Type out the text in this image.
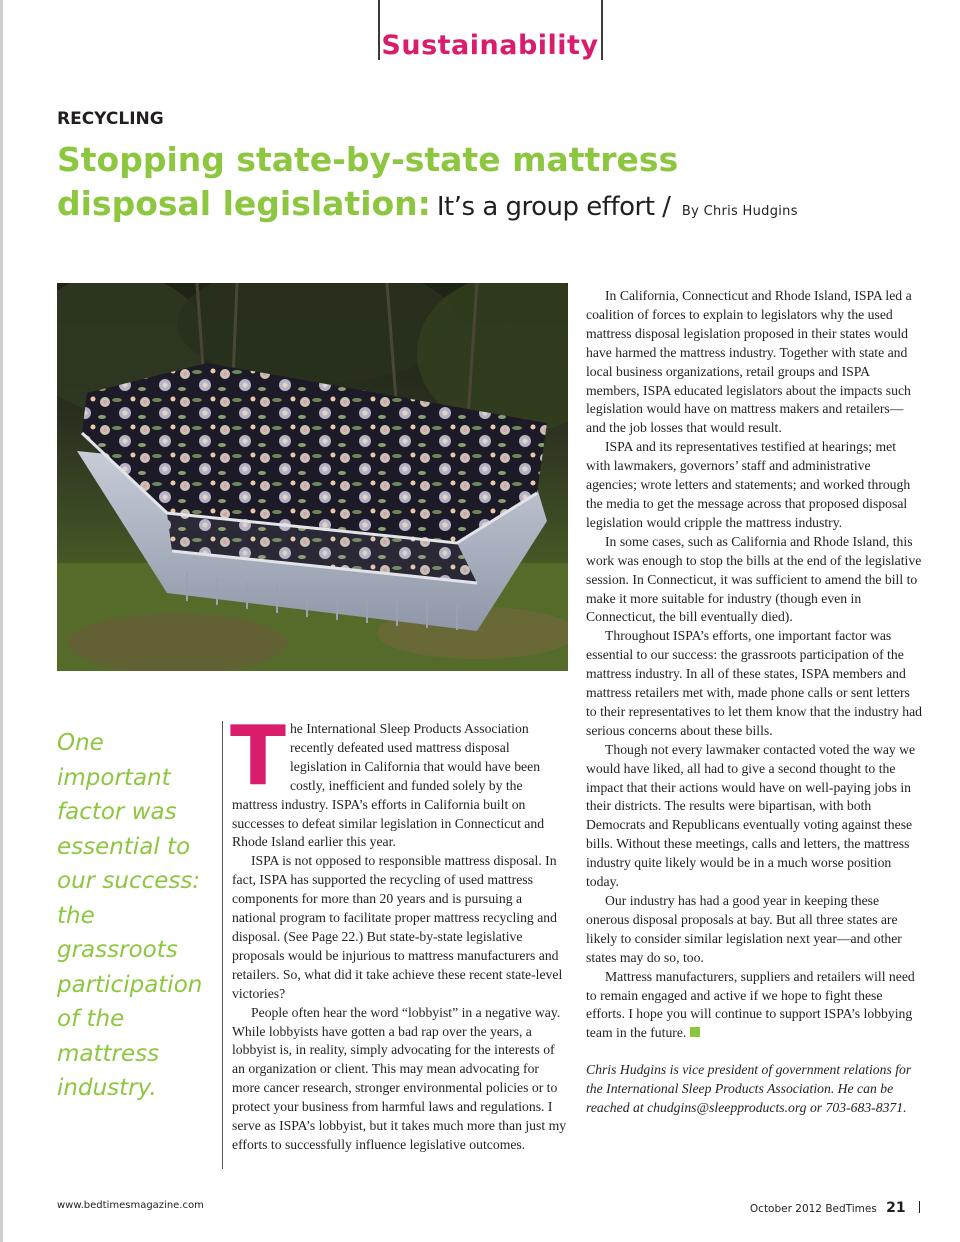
Sustainability
RECYCLING
Stopping state-by-state mattress
disposal legislation: It’s a group effort / By Chris Hudgins

One important factor was essential to our success: the grassroots participation of the mattress industry.

The International Sleep Products Association recently defeated used mattress disposal legislation in California that would have been costly, inefficient and funded solely by the mattress industry. ISPA’s efforts in California built on successes to defeat similar legislation in Connecticut and Rhode Island earlier this year.

ISPA is not opposed to responsible mattress disposal. In fact, ISPA has supported the recycling of used mattress components for more than 20 years and is pursuing a national program to facilitate proper mattress recycling and disposal. (See Page 22.) But state-by-state legislative proposals would be injurious to mattress manufacturers and retailers. So, what did it take achieve these recent state-level victories?

People often hear the word “lobbyist” in a negative way. While lobbyists have gotten a bad rap over the years, a lobbyist is, in reality, simply advocating for the interests of an organization or client. This may mean advocating for more cancer research, stronger environmental policies or to protect your business from harmful laws and regulations. I serve as ISPA’s lobbyist, but it takes much more than just my efforts to successfully influence legislative outcomes.

In California, Connecticut and Rhode Island, ISPA led a coalition of forces to explain to legislators why the used mattress disposal legislation proposed in their states would have harmed the mattress industry. Together with state and local business organizations, retail groups and ISPA members, ISPA educated legislators about the impacts such legislation would have on mattress makers and retailers—and the job losses that would result.

ISPA and its representatives testified at hearings; met with lawmakers, governors’ staff and administrative agencies; wrote letters and statements; and worked through the media to get the message across that proposed disposal legislation would cripple the mattress industry.

In some cases, such as California and Rhode Island, this work was enough to stop the bills at the end of the legislative session. In Connecticut, it was sufficient to amend the bill to make it more suitable for industry (though even in Connecticut, the bill eventually died).

Throughout ISPA’s efforts, one important factor was essential to our success: the grassroots participation of the mattress industry. In all of these states, ISPA members and mattress retailers met with, made phone calls or sent letters to their representatives to let them know that the industry had serious concerns about these bills.

Though not every lawmaker contacted voted the way we would have liked, all had to give a second thought to the impact that their actions would have on well-paying jobs in their districts. The results were bipartisan, with both Democrats and Republicans eventually voting against these bills. Without these meetings, calls and letters, the mattress industry quite likely would be in a much worse position today.

Our industry has had a good year in keeping these onerous disposal proposals at bay. But all three states are likely to consider similar legislation next year—and other states may do so, too.

Mattress manufacturers, suppliers and retailers will need to remain engaged and active if we hope to fight these efforts. I hope you will continue to support ISPA’s lobbying team in the future.

Chris Hudgins is vice president of government relations for the International Sleep Products Association. He can be reached at chudgins@sleepproducts.org or 703-683-8371.

www.bedtimesmagazine.com	October 2012 BedTimes 21
